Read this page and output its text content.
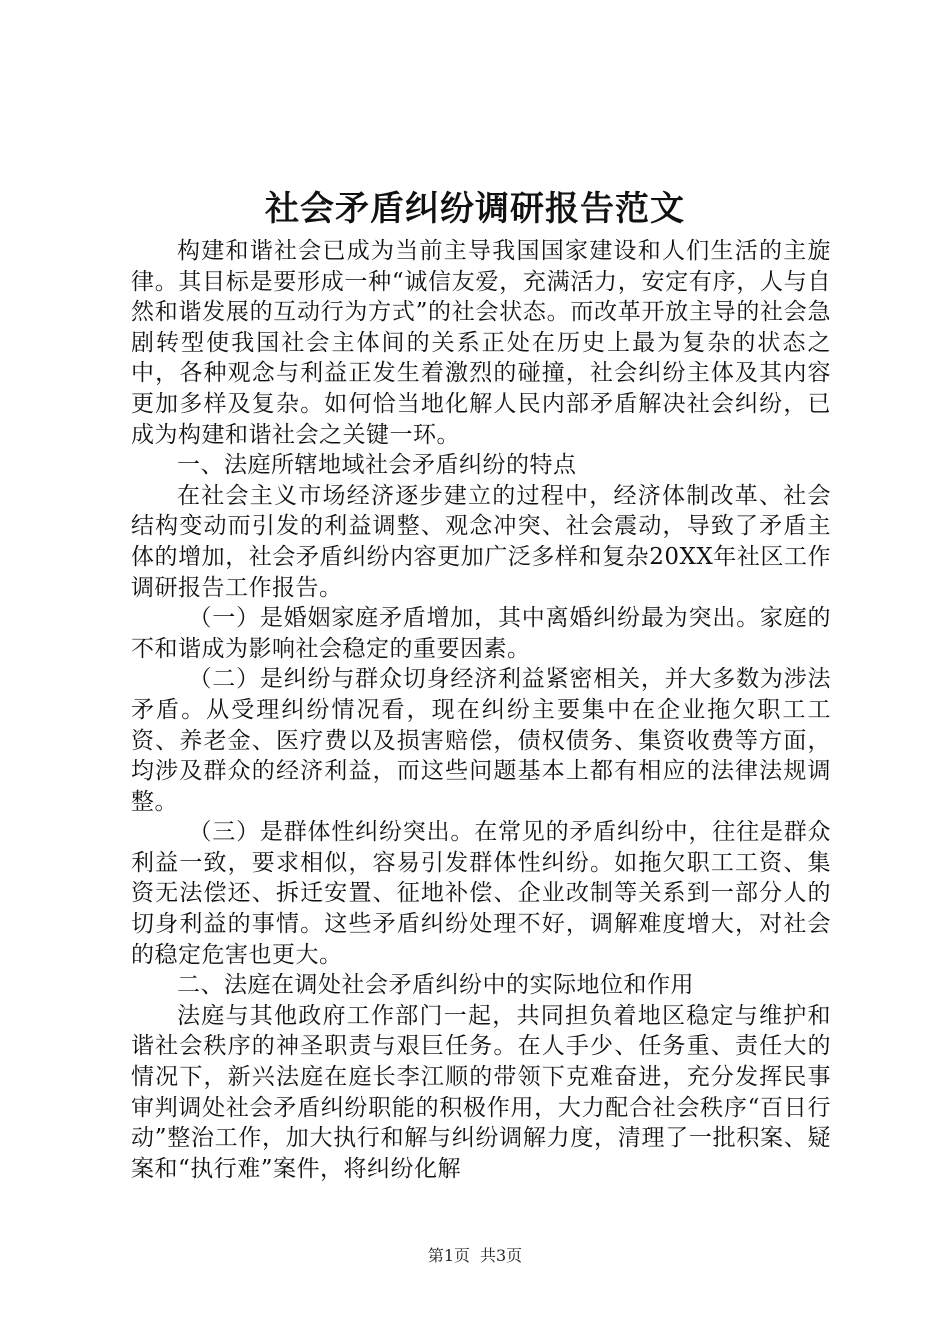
社会矛盾纠纷调研报告范文

构建和谐社会已成为当前主导我国国家建设和人们生活的主旋律。其目标是要形成一种“诚信友爱，充满活力，安定有序，人与自然和谐发展的互动行为方式”的社会状态。而改革开放主导的社会急剧转型使我国社会主体间的关系正处在历史上最为复杂的状态之中，各种观念与利益正发生着激烈的碰撞，社会纠纷主体及其内容更加多样及复杂。如何恰当地化解人民内部矛盾解决社会纠纷，已成为构建和谐社会之关键一环。

一、法庭所辖地域社会矛盾纠纷的特点

在社会主义市场经济逐步建立的过程中，经济体制改革、社会结构变动而引发的利益调整、观念冲突、社会震动，导致了矛盾主体的增加，社会矛盾纠纷内容更加广泛多样和复杂20XX年社区工作调研报告工作报告。

（一）是婚姻家庭矛盾增加，其中离婚纠纷最为突出。家庭的不和谐成为影响社会稳定的重要因素。

（二）是纠纷与群众切身经济利益紧密相关，并大多数为涉法矛盾。从受理纠纷情况看，现在纠纷主要集中在企业拖欠职工工资、养老金、医疗费以及损害赔偿，债权债务、集资收费等方面，均涉及群众的经济利益，而这些问题基本上都有相应的法律法规调整。

（三）是群体性纠纷突出。在常见的矛盾纠纷中，往往是群众利益一致，要求相似，容易引发群体性纠纷。如拖欠职工工资、集资无法偿还、拆迁安置、征地补偿、企业改制等关系到一部分人的切身利益的事情。这些矛盾纠纷处理不好，调解难度增大，对社会的稳定危害也更大。

二、法庭在调处社会矛盾纠纷中的实际地位和作用

法庭与其他政府工作部门一起，共同担负着地区稳定与维护和谐社会秩序的神圣职责与艰巨任务。在人手少、任务重、责任大的情况下，新兴法庭在庭长李江顺的带领下克难奋进，充分发挥民事审判调处社会矛盾纠纷职能的积极作用，大力配合社会秩序“百日行动”整治工作，加大执行和解与纠纷调解力度，清理了一批积案、疑案和“执行难”案件，将纠纷化解

第1页 共3页
